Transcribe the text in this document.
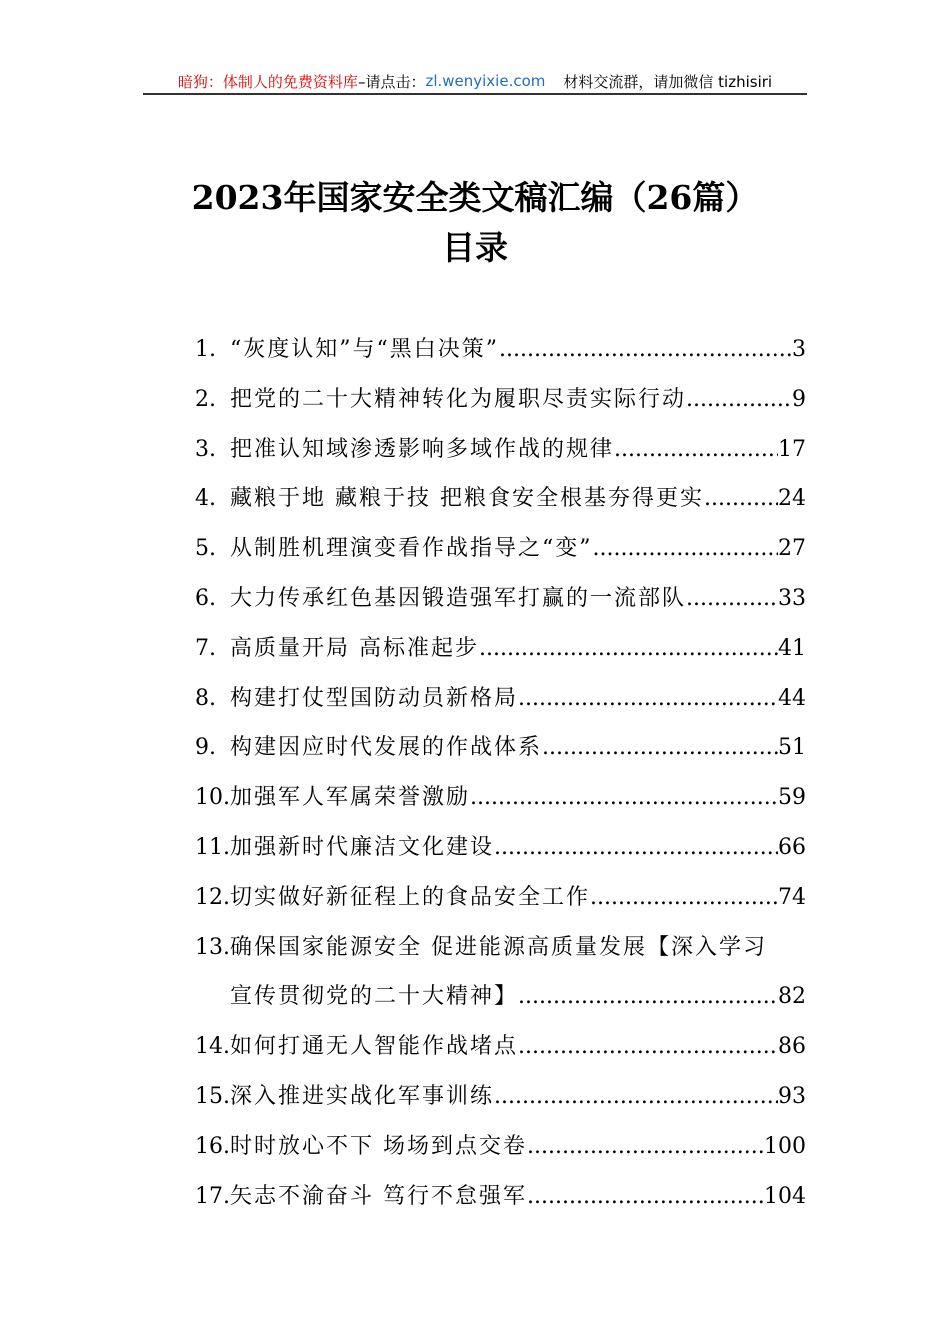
暗狗：体制人的免费资料库 –请点击： zl.wenyixie.com 材料交流群，请加微信 tizhisiri
2023年国家安全类文稿汇编（26篇）
目录
1. “灰度认知”与“黑白决策” .....	3
2. 把党的二十大精神转化为履职尽责实际行动 .....	9
3. 把准认知域渗透影响多域作战的规律 .....	17
4. 藏粮于地 藏粮于技 把粮食安全根基夯得更实 .....	24
5. 从制胜机理演变看作战指导之“变” .....	27
6. 大力传承红色基因锻造强军打赢的一流部队 .....	33
7. 高质量开局 高标准起步 .....	41
8. 构建打仗型国防动员新格局 .....	44
9. 构建因应时代发展的作战体系 .....	51
10. 加强军人军属荣誉激励 .....	59
11. 加强新时代廉洁文化建设 .....	66
12. 切实做好新征程上的食品安全工作 .....	74
13. 确保国家能源安全 促进能源高质量发展【深入学习
宣传贯彻党的二十大精神】 .....	82
14. 如何打通无人智能作战堵点 .....	86
15. 深入推进实战化军事训练 .....	93
16. 时时放心不下 场场到点交卷 .....	100
17. 矢志不渝奋斗 笃行不怠强军 .....	104
